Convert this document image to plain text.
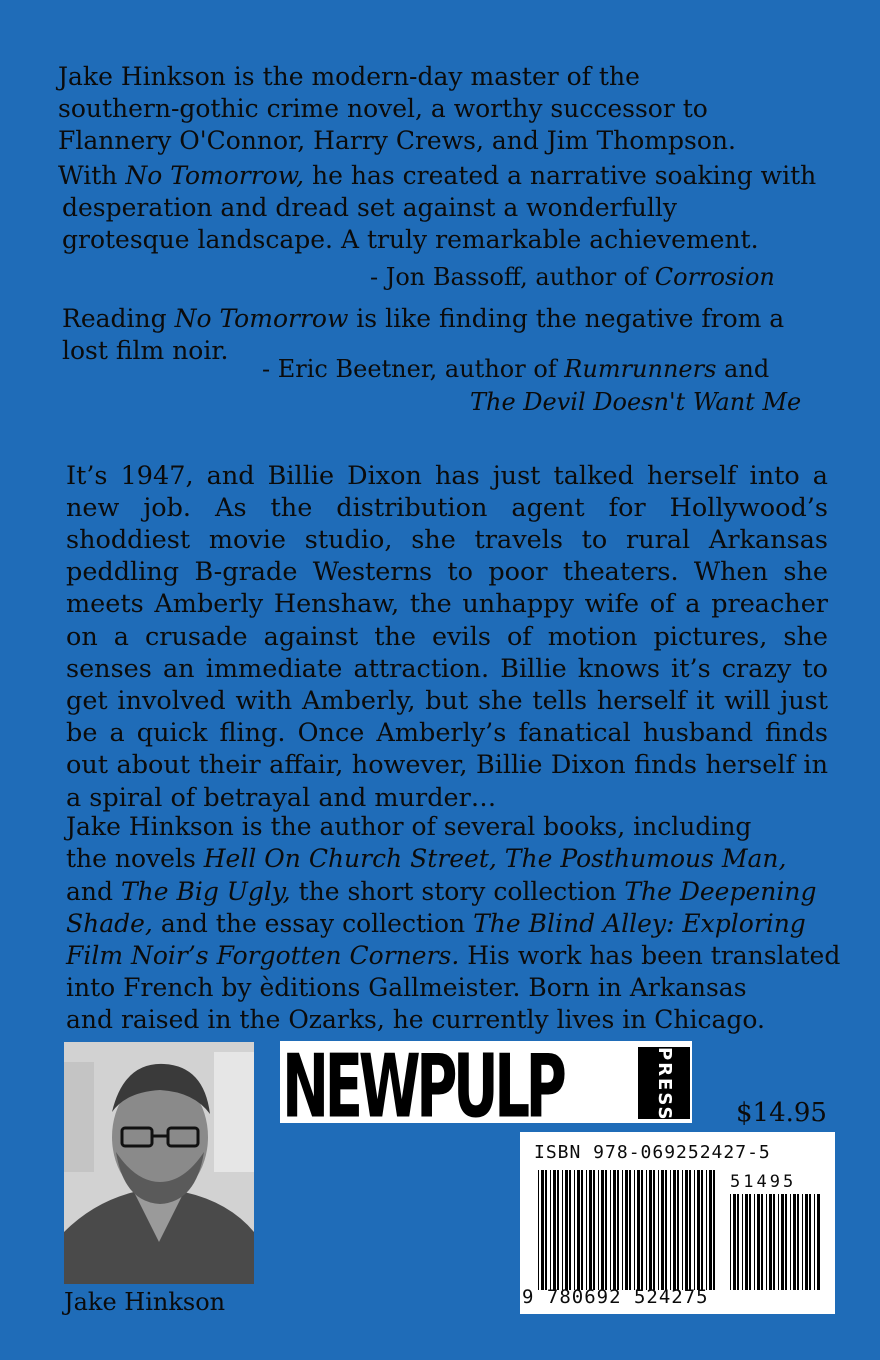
Jake Hinkson is the modern-day master of the
southern-gothic crime novel, a worthy successor to
Flannery O'Connor, Harry Crews, and Jim Thompson.
With No Tomorrow, he has created a narrative soaking with
desperation and dread set against a wonderfully
grotesque landscape. A truly remarkable achievement.
- Jon Bassoff, author of Corrosion
Reading No Tomorrow is like finding the negative from a
lost film noir.
- Eric Beetner, author of Rumrunners and
The Devil Doesn't Want Me

It’s 1947, and Billie Dixon has just talked herself into a new job. As the distribution agent for Hollywood’s shoddiest movie studio, she travels to rural Arkansas peddling B-grade Westerns to poor theaters. When she meets Amberly Henshaw, the unhappy wife of a preacher on a crusade against the evils of motion pictures, she senses an immediate attraction. Billie knows it’s crazy to get involved with Amberly, but she tells herself it will just be a quick fling. Once Amberly’s fanatical husband finds out about their affair, however, Billie Dixon finds herself in a spiral of betrayal and murder…

Jake Hinkson is the author of several books, including
the novels Hell On Church Street, The Posthumous Man,
and The Big Ugly, the short story collection The Deepening
Shade, and the essay collection The Blind Alley: Exploring
Film Noir’s Forgotten Corners. His work has been translated
into French by èditions Gallmeister. Born in Arkansas
and raised in the Ozarks, he currently lives in Chicago.
Jake Hinkson
NEWPULP	PRESS	$14.95
ISBN 978-069252427-5
51495
9 780692 524275
